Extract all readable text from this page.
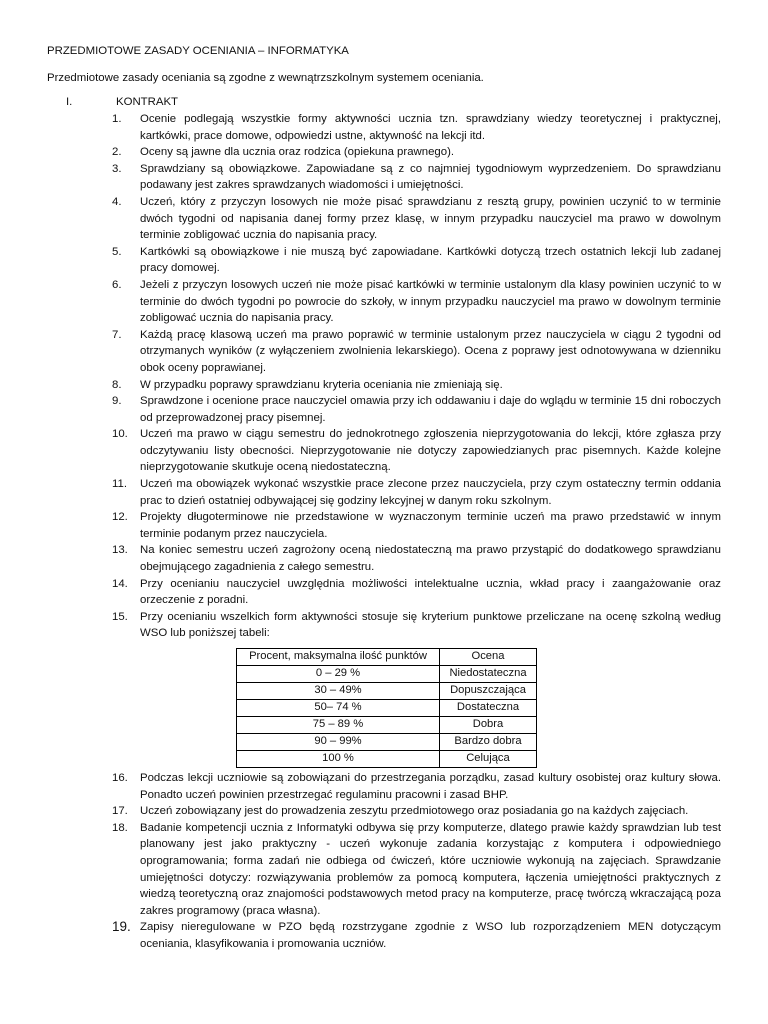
PRZEDMIOTOWE ZASADY OCENIANIA – INFORMATYKA
Przedmiotowe zasady oceniania są zgodne z wewnątrzszkolnym systemem oceniania.
I.	KONTRAKT
1.	Ocenie podlegają wszystkie formy aktywności ucznia tzn. sprawdziany wiedzy teoretycznej i praktycznej, kartkówki, prace domowe, odpowiedzi ustne, aktywność na lekcji itd.
2.	Oceny są jawne dla ucznia oraz rodzica (opiekuna prawnego).
3.	Sprawdziany są obowiązkowe. Zapowiadane są z co najmniej tygodniowym wyprzedzeniem. Do sprawdzianu podawany jest zakres sprawdzanych wiadomości i umiejętności.
4.	Uczeń, który z przyczyn losowych nie może pisać sprawdzianu z resztą grupy, powinien uczynić to w terminie dwóch tygodni od napisania danej formy przez klasę, w innym przypadku nauczyciel ma prawo w dowolnym terminie zobligować ucznia do napisania pracy.
5.	Kartkówki są obowiązkowe i nie muszą być zapowiadane. Kartkówki dotyczą trzech ostatnich lekcji lub zadanej pracy domowej.
6.	Jeżeli z przyczyn losowych uczeń nie może pisać kartkówki w terminie ustalonym dla klasy powinien uczynić to w terminie do dwóch tygodni po powrocie do szkoły, w innym przypadku nauczyciel ma prawo w dowolnym terminie zobligować ucznia do napisania pracy.
7.	Każdą pracę klasową uczeń ma prawo poprawić w terminie ustalonym przez nauczyciela w ciągu 2 tygodni od otrzymanych wyników (z wyłączeniem zwolnienia lekarskiego). Ocena z poprawy jest odnotowywana w dzienniku obok oceny poprawianej.
8.	W przypadku poprawy sprawdzianu kryteria oceniania nie zmieniają się.
9.	Sprawdzone i ocenione prace nauczyciel omawia przy ich oddawaniu i daje do wglądu w terminie 15 dni roboczych od przeprowadzonej pracy pisemnej.
10.	Uczeń ma prawo w ciągu semestru do jednokrotnego zgłoszenia nieprzygotowania do lekcji, które zgłasza przy odczytywaniu listy obecności. Nieprzygotowanie nie dotyczy zapowiedzianych prac pisemnych. Każde kolejne nieprzygotowanie skutkuje oceną niedostateczną.
11.	Uczeń ma obowiązek wykonać wszystkie prace zlecone przez nauczyciela, przy czym ostateczny termin oddania prac to dzień ostatniej odbywającej się godziny lekcyjnej w danym roku szkolnym.
12.	Projekty długoterminowe nie przedstawione w wyznaczonym terminie uczeń ma prawo przedstawić w innym terminie podanym przez nauczyciela.
13.	Na koniec semestru uczeń zagrożony oceną niedostateczną ma prawo przystąpić do dodatkowego sprawdzianu obejmującego zagadnienia z całego semestru.
14.	Przy ocenianiu nauczyciel uwzględnia możliwości intelektualne ucznia, wkład pracy i zaangażowanie oraz orzeczenie z poradni.
15.	Przy ocenianiu wszelkich form aktywności stosuje się kryterium punktowe przeliczane na ocenę szkolną według WSO lub poniższej tabeli:
Procent, maksymalna ilość punktów	Ocena
0 – 29 %	Niedostateczna
30 – 49%	Dopuszczająca
50– 74 %	Dostateczna
75 – 89 %	Dobra
90 – 99%	Bardzo dobra
100 %	Celująca
16.	Podczas lekcji uczniowie są zobowiązani do przestrzegania porządku, zasad kultury osobistej oraz kultury słowa. Ponadto uczeń powinien przestrzegać regulaminu pracowni i zasad BHP.
17.	Uczeń zobowiązany jest do prowadzenia zeszytu przedmiotowego oraz posiadania go na każdych zajęciach.
18.	Badanie kompetencji ucznia z Informatyki odbywa się przy komputerze, dlatego prawie każdy sprawdzian lub test planowany jest jako praktyczny - uczeń wykonuje zadania korzystając z komputera i odpowiedniego oprogramowania; forma zadań nie odbiega od ćwiczeń, które uczniowie wykonują na zajęciach. Sprawdzanie umiejętności dotyczy: rozwiązywania problemów za pomocą komputera, łączenia umiejętności praktycznych z wiedzą teoretyczną oraz znajomości podstawowych metod pracy na komputerze, pracę twórczą wkraczającą poza zakres programowy (praca własna).
19. Zapisy nieregulowane w PZO będą rozstrzygane zgodnie z WSO lub rozporządzeniem MEN dotyczącym oceniania, klasyfikowania i promowania uczniów.
